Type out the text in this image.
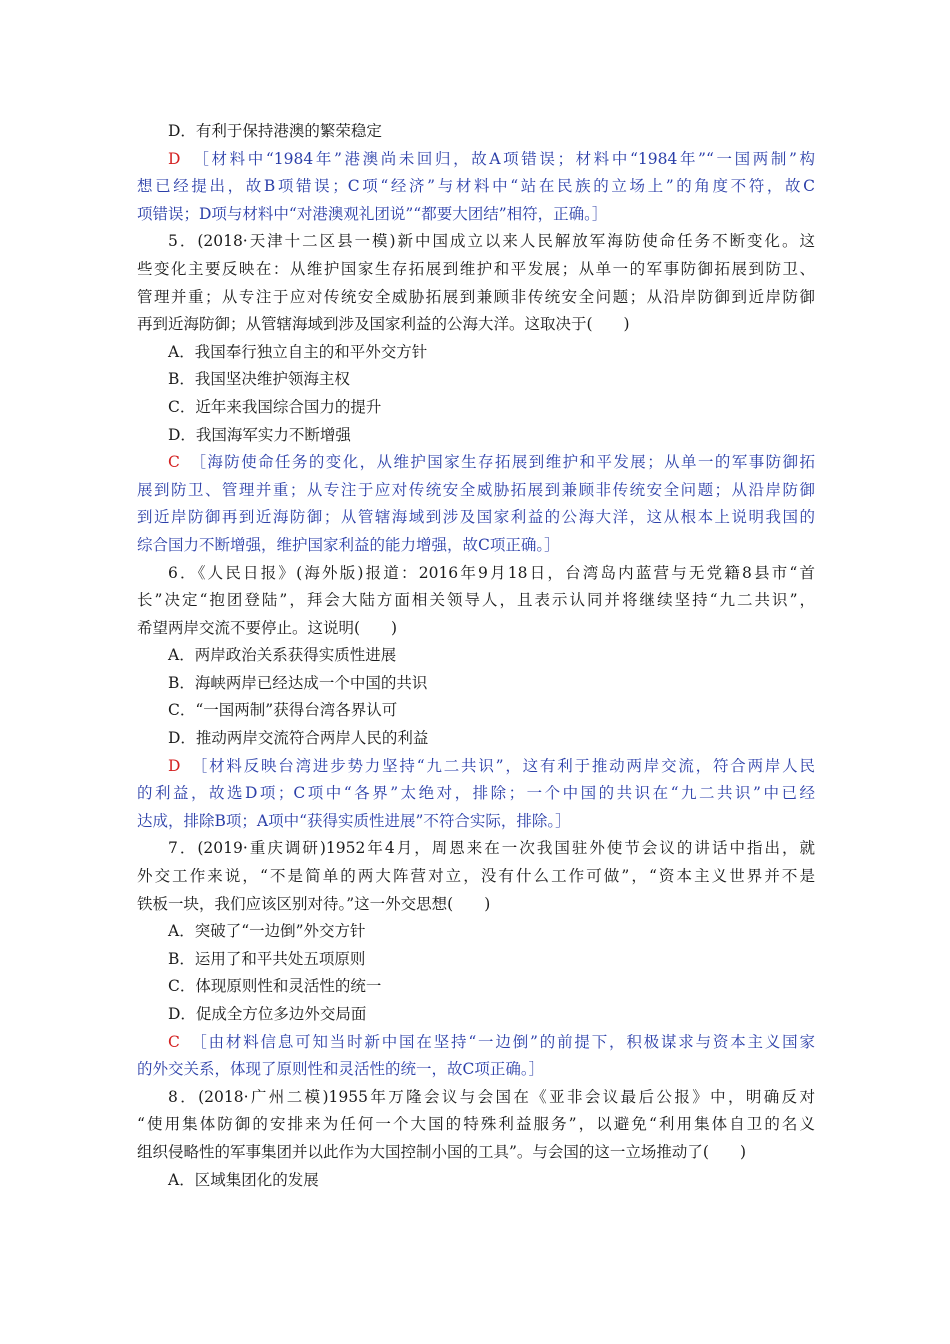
D．有利于保持港澳的繁荣稳定
D　 ［材料中“1984年”港澳尚未回归，故A项错误；材料中“1984年”“一国两制”构
想已经提出，故B项错误；C项“经济”与材料中“站在民族的立场上”的角度不符，故C
项错误；D项与材料中“对港澳观礼团说”“都要大团结”相符，正确。］
5．(2018·天津十二区县一模)新中国成立以来人民解放军海防使命任务不断变化。这
些变化主要反映在：从维护国家生存拓展到维护和平发展；从单一的军事防御拓展到防卫、
管理并重；从专注于应对传统安全威胁拓展到兼顾非传统安全问题；从沿岸防御到近岸防御
再到近海防御；从管辖海域到涉及国家利益的公海大洋。这取决于(　　)
A．我国奉行独立自主的和平外交方针
B．我国坚决维护领海主权
C．近年来我国综合国力的提升
D．我国海军实力不断增强
C　 ［海防使命任务的变化，从维护国家生存拓展到维护和平发展；从单一的军事防御拓
展到防卫、管理并重；从专注于应对传统安全威胁拓展到兼顾非传统安全问题；从沿岸防御
到近岸防御再到近海防御；从管辖海域到涉及国家利益的公海大洋，这从根本上说明我国的
综合国力不断增强，维护国家利益的能力增强，故C项正确。］
6．《人民日报》(海外版)报道：2016年9月18日，台湾岛内蓝营与无党籍8县市“首
长”决定“抱团登陆”，拜会大陆方面相关领导人，且表示认同并将继续坚持“九二共识”，
希望两岸交流不要停止。这说明(　　)
A．两岸政治关系获得实质性进展
B．海峡两岸已经达成一个中国的共识
C．“一国两制”获得台湾各界认可
D．推动两岸交流符合两岸人民的利益
D　 ［材料反映台湾进步势力坚持“九二共识”，这有利于推动两岸交流，符合两岸人民
的利益，故选D项；C项中“各界”太绝对，排除；一个中国的共识在“九二共识”中已经
达成，排除B项；A项中“获得实质性进展”不符合实际，排除。］
7．(2019·重庆调研)1952年4月，周恩来在一次我国驻外使节会议的讲话中指出，就
外交工作来说，“不是简单的两大阵营对立，没有什么工作可做”，“资本主义世界并不是
铁板一块，我们应该区别对待。”这一外交思想(　　)
A．突破了“一边倒”外交方针
B．运用了和平共处五项原则
C．体现原则性和灵活性的统一
D．促成全方位多边外交局面
C　 ［由材料信息可知当时新中国在坚持“一边倒”的前提下，积极谋求与资本主义国家
的外交关系，体现了原则性和灵活性的统一，故C项正确。］
8．(2018·广州二模)1955年万隆会议与会国在《亚非会议最后公报》中，明确反对
“使用集体防御的安排来为任何一个大国的特殊利益服务”，以避免“利用集体自卫的名义
组织侵略性的军事集团并以此作为大国控制小国的工具”。与会国的这一立场推动了(　　)
A．区域集团化的发展
